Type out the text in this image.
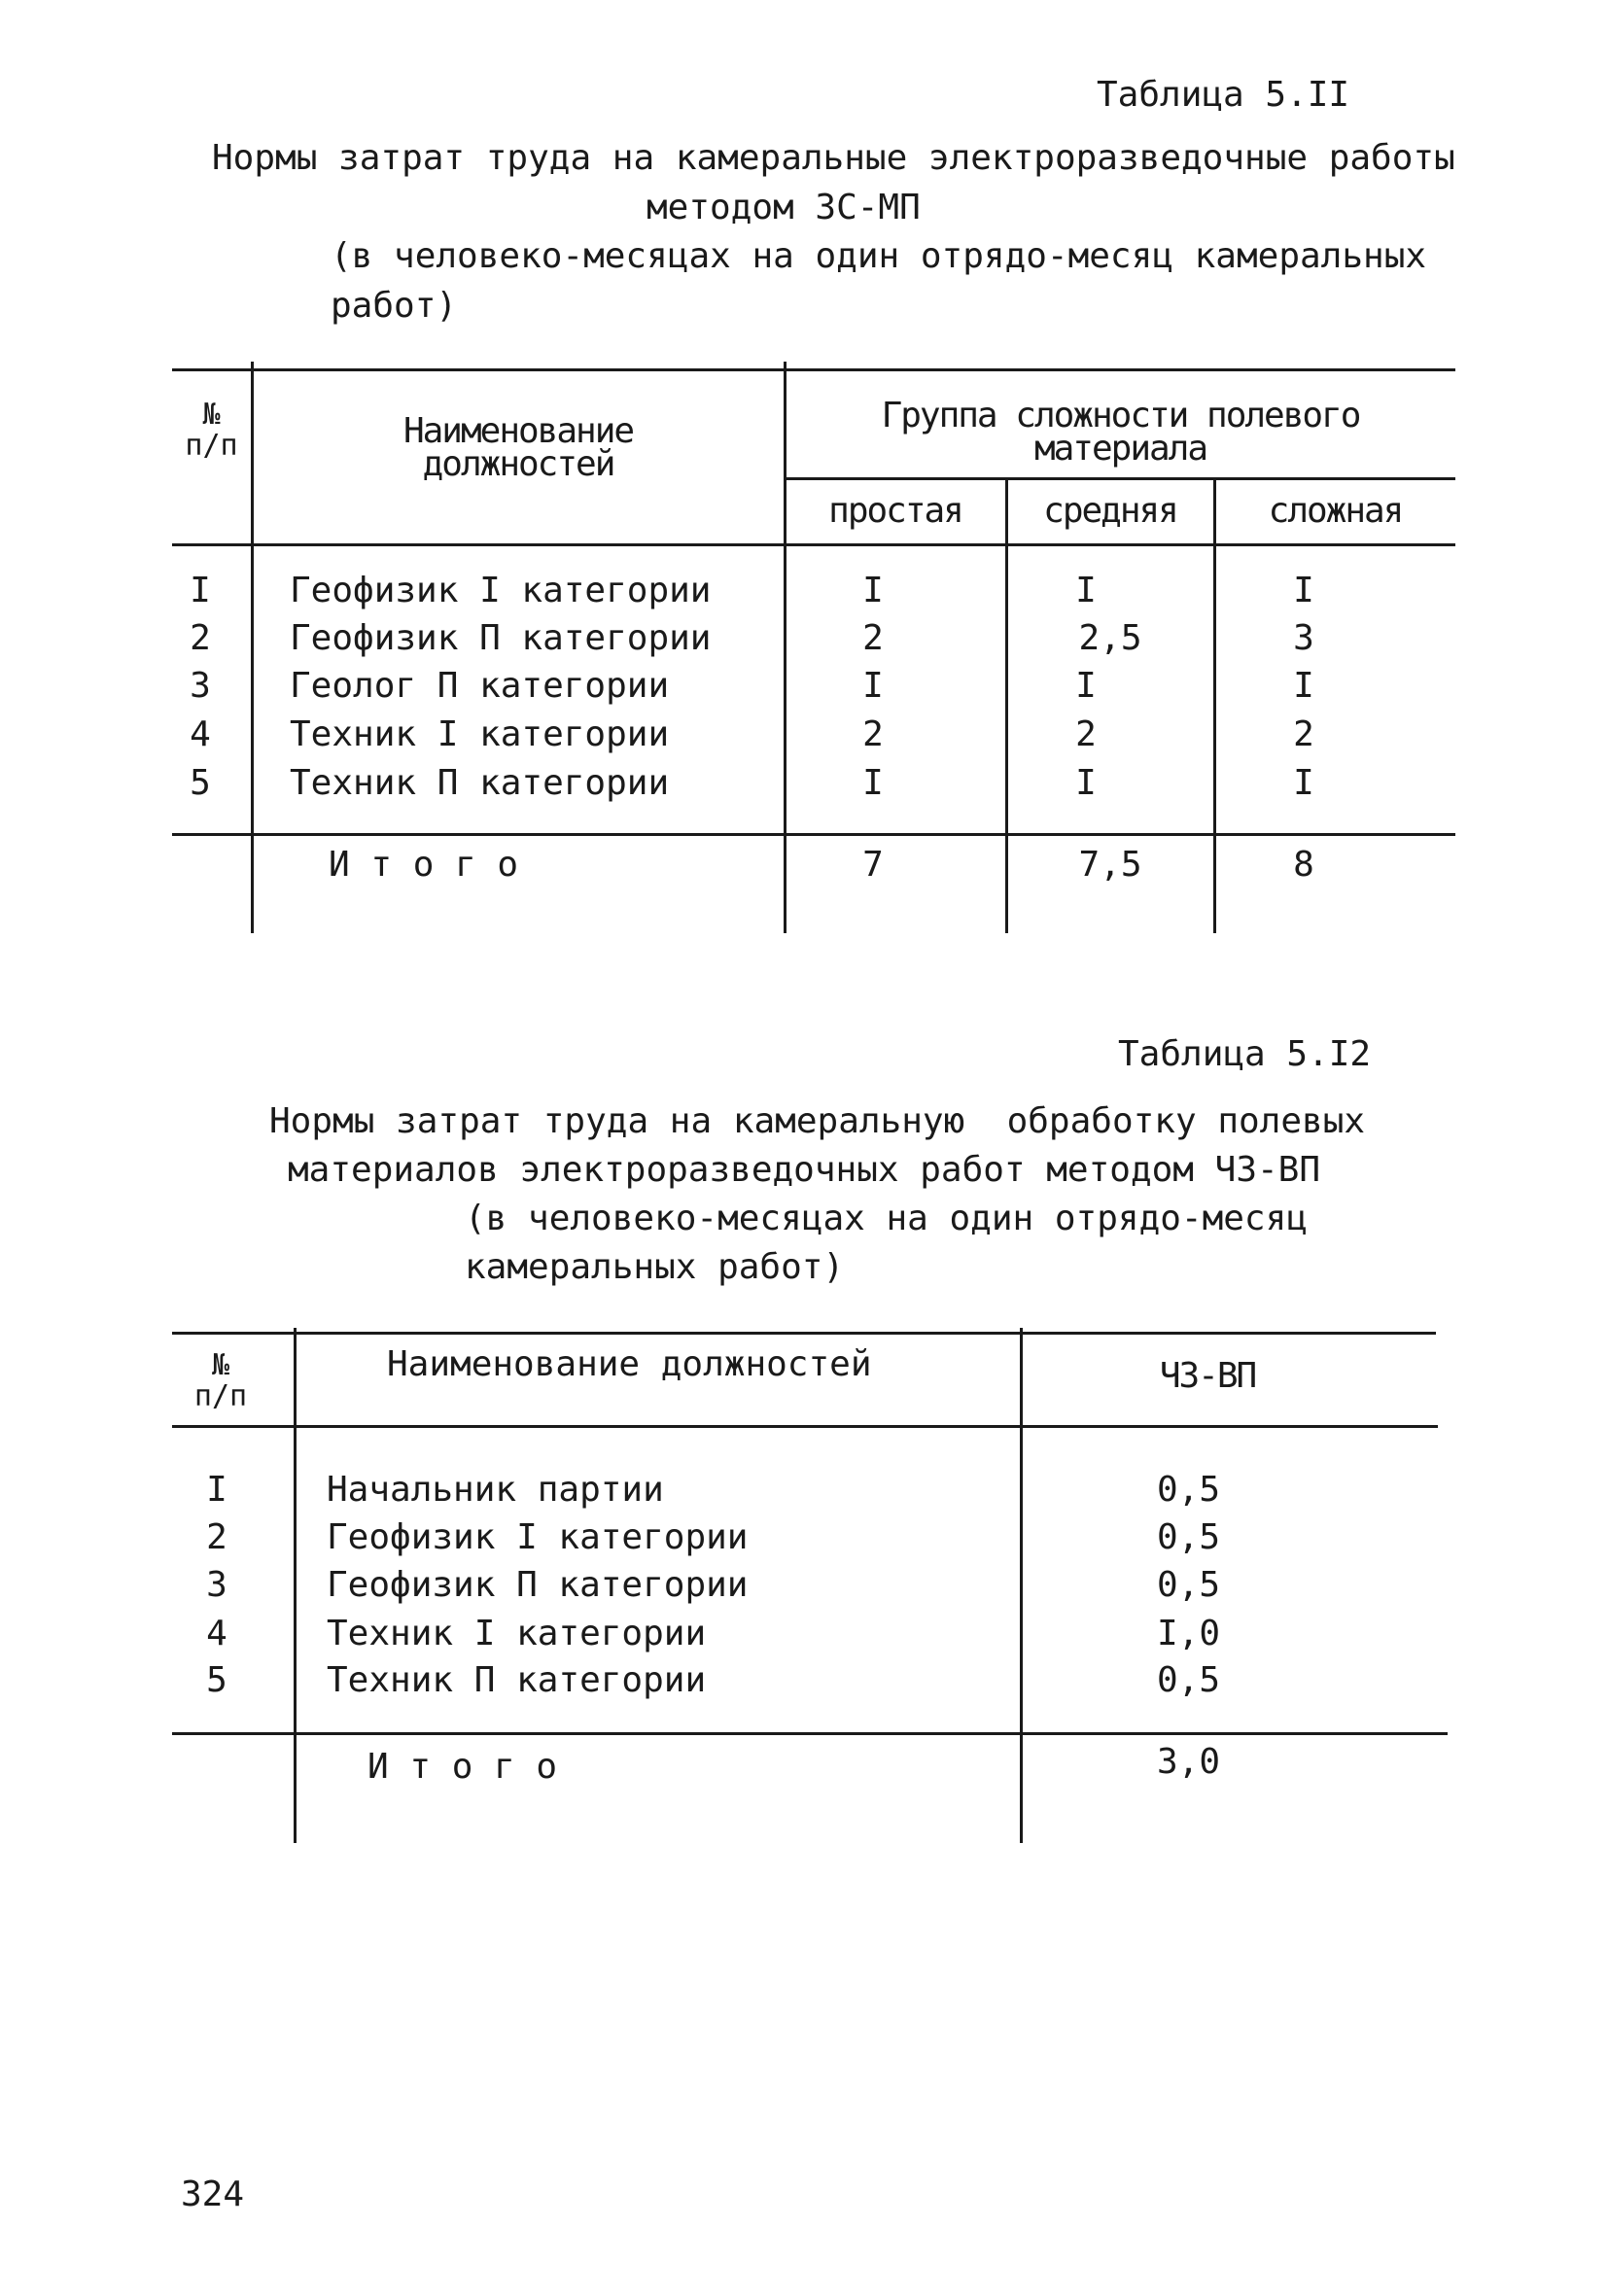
Таблица 5.II
Нормы затрат труда на камеральные электроразведочные работы
методом ЗС-МП
(в человеко-месяцах на один отрядо-месяц камеральных
работ)
№
п/п	Наименование
должностей
Группа сложности полевого
материала
простая	средняя	сложная
I	Геофизик I категории	I	I	I
2	Геофизик П категории	2	2,5	3
3	Геолог П категории	I	I	I
4	Техник I категории	2	2	2
5	Техник П категории	I	I	I
И т о г о	7	7,5	8
Таблица 5.I2
Нормы затрат труда на камеральную  обработку полевых
материалов электроразведочных работ методом ЧЗ-ВП
(в человеко-месяцах на один отрядо-месяц
камеральных работ)
№
п/п
Наименование должностей	ЧЗ-ВП
I	Начальник партии	0,5
2	Геофизик I категории	0,5
3	Геофизик П категории	0,5
4	Техник I категории	I,0
5	Техник П категории	0,5
И т о г о	3,0
324
